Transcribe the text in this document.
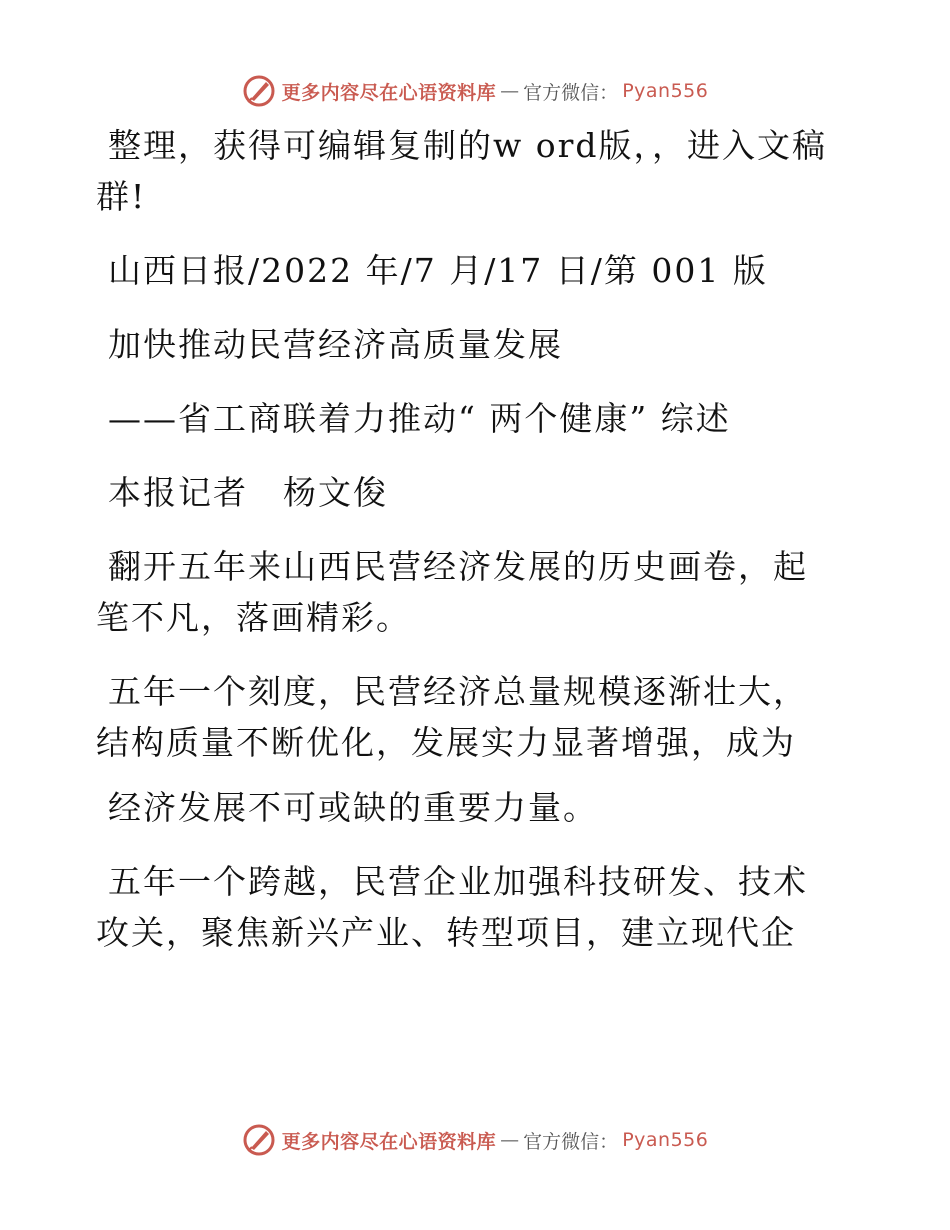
更多内容尽在心语资料库 — 官方微信： Pyan556

整理，获得可编辑复制的w ord版，，进入文稿群!

山西日报/2022 年/7 月/17 日/第 001 版

加快推动民营经济高质量发展

——省工商联着力推动“ 两个健康” 综述

本报记者　杨文俊

翻开五年来山西民营经济发展的历史画卷，起笔不凡，落画精彩。

五年一个刻度，民营经济总量规模逐渐壮大，结构质量不断优化，发展实力显著增强，成为

经济发展不可或缺的重要力量。

五年一个跨越，民营企业加强科技研发、技术攻关，聚焦新兴产业、转型项目，建立现代企

更多内容尽在心语资料库 — 官方微信： Pyan556
